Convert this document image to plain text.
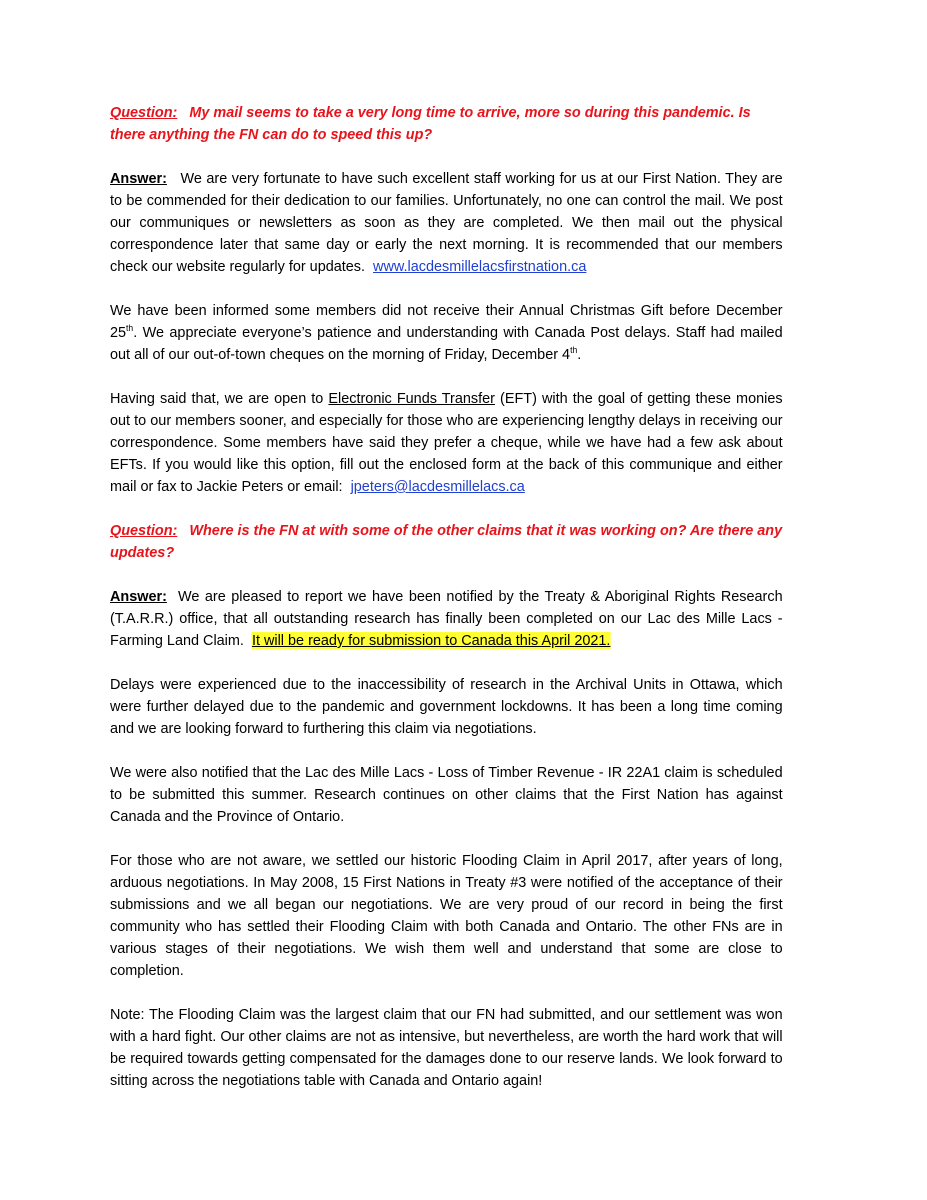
Question: My mail seems to take a very long time to arrive, more so during this pandemic. Is there anything the FN can do to speed this up?

Answer: We are very fortunate to have such excellent staff working for us at our First Nation. They are to be commended for their dedication to our families. Unfortunately, no one can control the mail. We post our communiques or newsletters as soon as they are completed. We then mail out the physical correspondence later that same day or early the next morning. It is recommended that our members check our website regularly for updates. www.lacdesmillelacsfirstnation.ca

We have been informed some members did not receive their Annual Christmas Gift before December 25th. We appreciate everyone’s patience and understanding with Canada Post delays. Staff had mailed out all of our out-of-town cheques on the morning of Friday, December 4th.

Having said that, we are open to Electronic Funds Transfer (EFT) with the goal of getting these monies out to our members sooner, and especially for those who are experiencing lengthy delays in receiving our correspondence. Some members have said they prefer a cheque, while we have had a few ask about EFTs. If you would like this option, fill out the enclosed form at the back of this communique and either mail or fax to Jackie Peters or email: jpeters@lacdesmillelacs.ca

Question: Where is the FN at with some of the other claims that it was working on? Are there any updates?

Answer: We are pleased to report we have been notified by the Treaty & Aboriginal Rights Research (T.A.R.R.) office, that all outstanding research has finally been completed on our Lac des Mille Lacs - Farming Land Claim. It will be ready for submission to Canada this April 2021.

Delays were experienced due to the inaccessibility of research in the Archival Units in Ottawa, which were further delayed due to the pandemic and government lockdowns. It has been a long time coming and we are looking forward to furthering this claim via negotiations.

We were also notified that the Lac des Mille Lacs - Loss of Timber Revenue - IR 22A1 claim is scheduled to be submitted this summer. Research continues on other claims that the First Nation has against Canada and the Province of Ontario.

For those who are not aware, we settled our historic Flooding Claim in April 2017, after years of long, arduous negotiations. In May 2008, 15 First Nations in Treaty #3 were notified of the acceptance of their submissions and we all began our negotiations. We are very proud of our record in being the first community who has settled their Flooding Claim with both Canada and Ontario. The other FNs are in various stages of their negotiations. We wish them well and understand that some are close to completion.

Note: The Flooding Claim was the largest claim that our FN had submitted, and our settlement was won with a hard fight. Our other claims are not as intensive, but nevertheless, are worth the hard work that will be required towards getting compensated for the damages done to our reserve lands. We look forward to sitting across the negotiations table with Canada and Ontario again!
